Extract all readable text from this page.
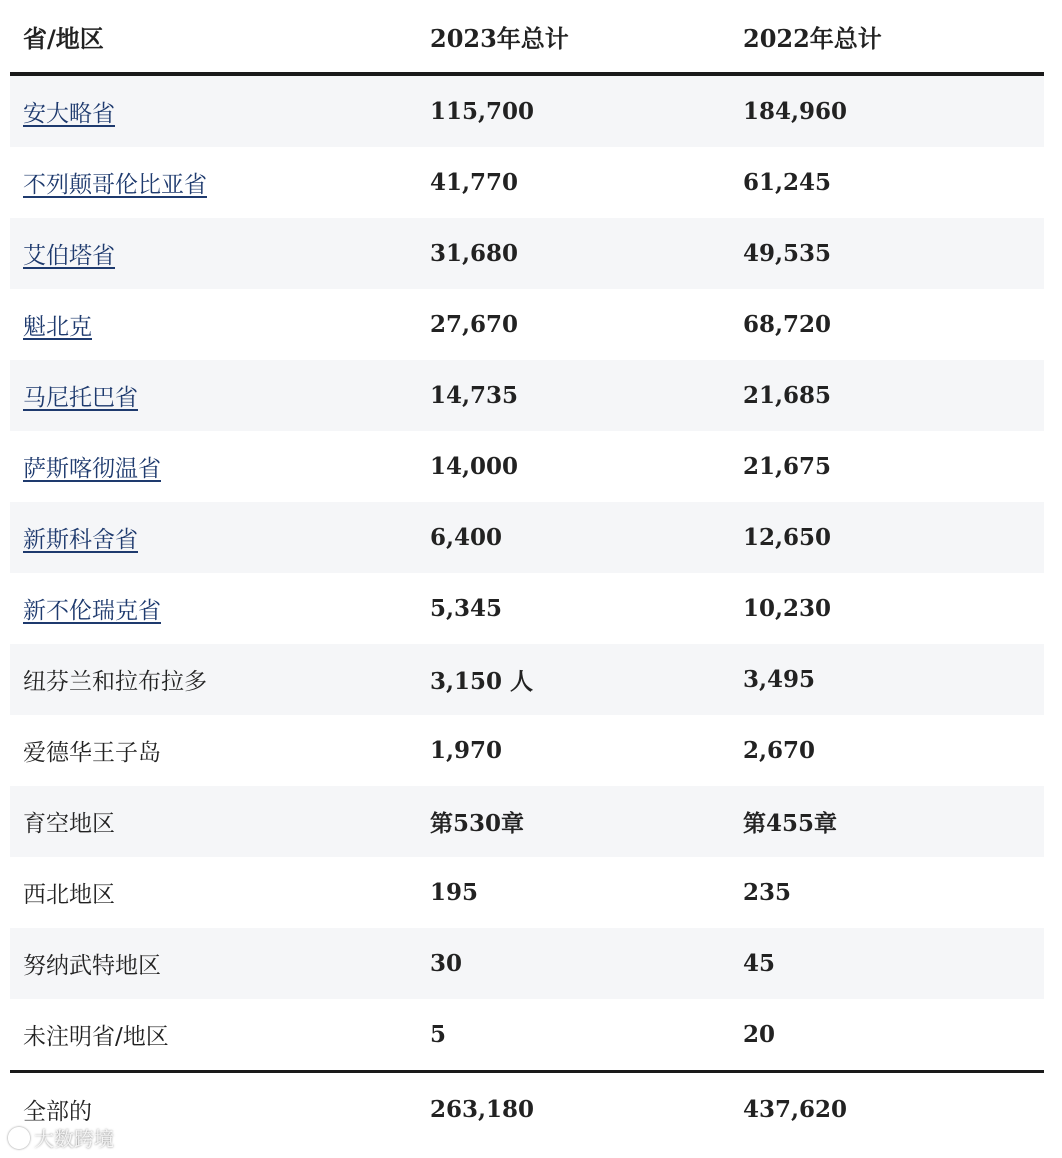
省/地区	2023年总计	2022年总计
安大略省	115,700	184,960
不列颠哥伦比亚省	41,770	61,245
艾伯塔省	31,680	49,535
魁北克	27,670	68,720
马尼托巴省	14,735	21,685
萨斯喀彻温省	14,000	21,675
新斯科舍省	6,400	12,650
新不伦瑞克省	5,345	10,230
纽芬兰和拉布拉多	3,150 人	3,495
爱德华王子岛	1,970	2,670
育空地区	第530章	第455章
西北地区	195	235
努纳武特地区	30	45
未注明省/地区	5	20
全部的	263,180	437,620
大数跨境
